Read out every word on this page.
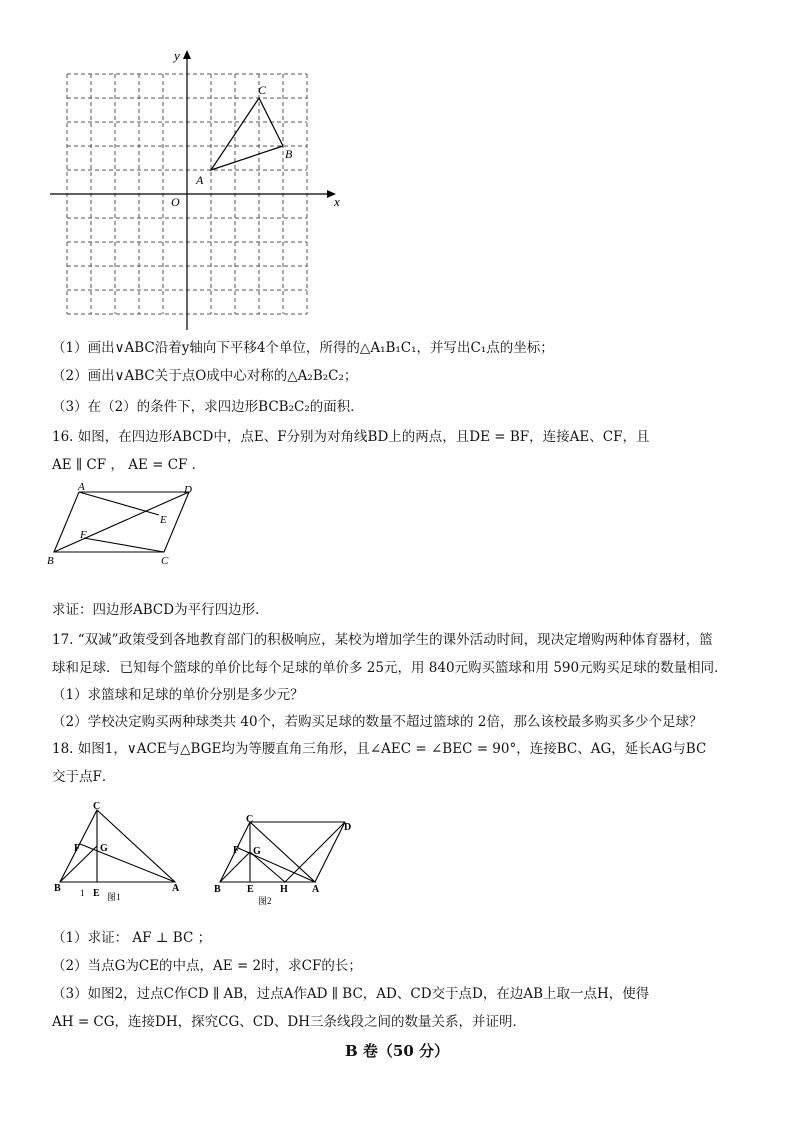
x
y
O
A
B
C
（1）画出∨ABC沿着y轴向下平移4个单位，所得的△A₁B₁C₁，并写出C₁点的坐标；
（2）画出∨ABC关于点O成中心对称的△A₂B₂C₂；
（3）在（2）的条件下，求四边形BCB₂C₂的面积．
16. 如图，在四边形ABCD中，点E、F分别为对角线BD上的两点，且DE = BF，连接AE、CF，且
AE ∥ CF ， AE = CF ．
A	D
E
F
B	C
求证：四边形ABCD为平行四边形．
17. “双减”政策受到各地教育部门的积极响应，某校为增加学生的课外活动时间，现决定增购两种体育器材，篮
球和足球．已知每个篮球的单价比每个足球的单价多 25元，用 840元购买篮球和用 590元购买足球的数量相同．
（1）求篮球和足球的单价分别是多少元？
（2）学校决定购买两种球类共 40个，若购买足球的数量不超过篮球的 2倍，那么该校最多购买多少个足球？
18. 如图1，∨ACE与△BGE均为等腰直角三角形，且∠AEC = ∠BEC = 90°，连接BC、AG，延长AG与BC
交于点F．
C
F G
B 1 E	A
图1
C
D
F G
B	E	H A
图2
（1）求证： AF ⊥ BC ；
（2）当点G为CE的中点，AE = 2时，求CF的长；
（3）如图2，过点C作CD ∥ AB，过点A作AD ∥ BC，AD、CD交于点D，在边AB上取一点H，使得
AH = CG，连接DH，探究CG、CD、DH三条线段之间的数量关系，并证明．
B 卷（50 分）
